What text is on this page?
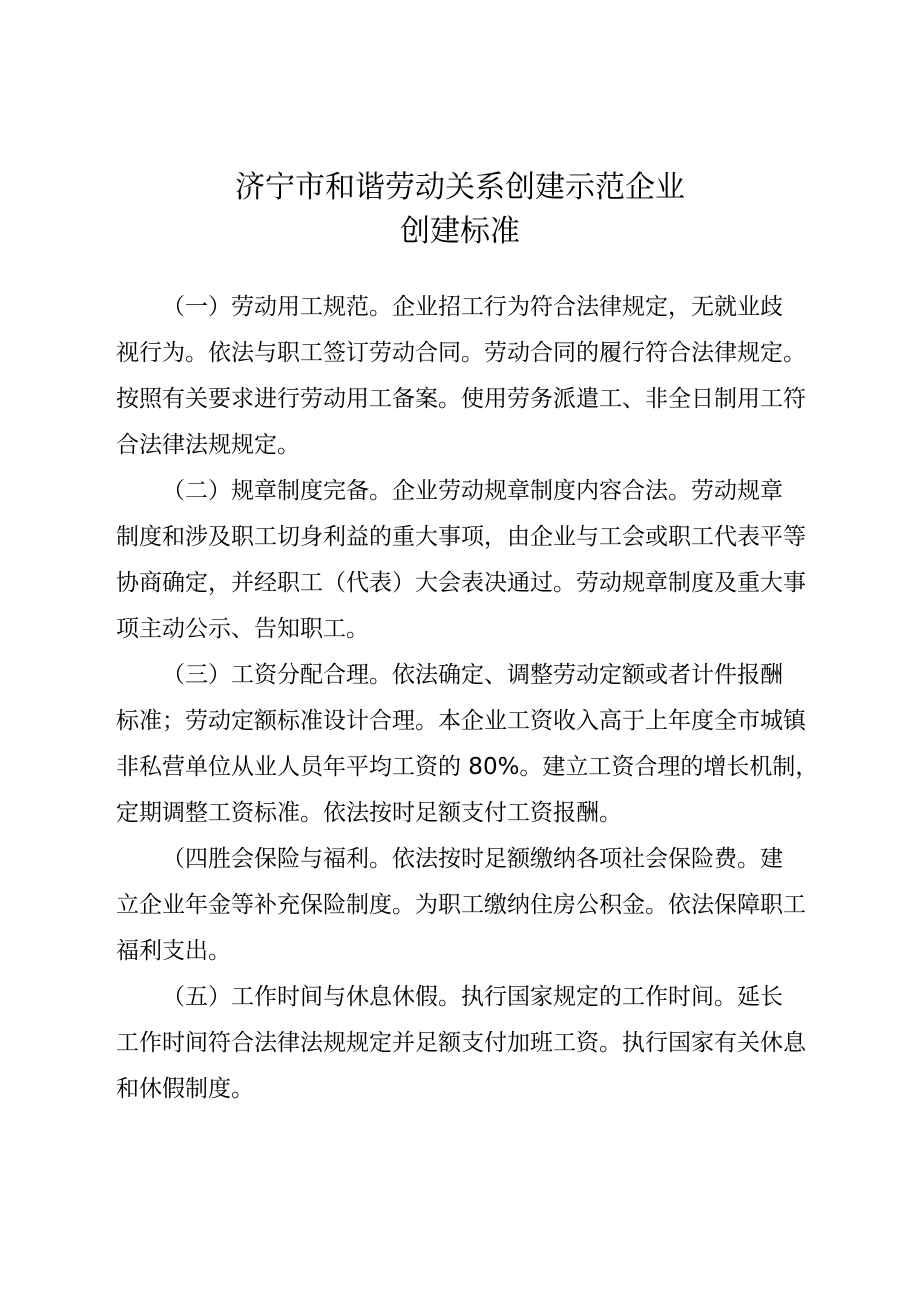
济宁市和谐劳动关系创建示范企业
创建标准
（一）劳动用工规范。企业招工行为符合法律规定，无就业歧
视行为。依法与职工签订劳动合同。劳动合同的履行符合法律规定。
按照有关要求进行劳动用工备案。使用劳务派遣工、非全日制用工符
合法律法规规定。
（二）规章制度完备。企业劳动规章制度内容合法。劳动规章
制度和涉及职工切身利益的重大事项，由企业与工会或职工代表平等
协商确定，并经职工（代表）大会表决通过。劳动规章制度及重大事
项主动公示、告知职工。
（三）工资分配合理。依法确定、调整劳动定额或者计件报酬
标准；劳动定额标准设计合理。本企业工资收入高于上年度全市城镇
非私营单位从业人员年平均工资的 80%。建立工资合理的增长机制，
定期调整工资标准。依法按时足额支付工资报酬。
（四胜会保险与福利。依法按时足额缴纳各项社会保险费。建
立企业年金等补充保险制度。为职工缴纳住房公积金。依法保障职工
福利支出。
（五）工作时间与休息休假。执行国家规定的工作时间。延长
工作时间符合法律法规规定并足额支付加班工资。执行国家有关休息
和休假制度。
